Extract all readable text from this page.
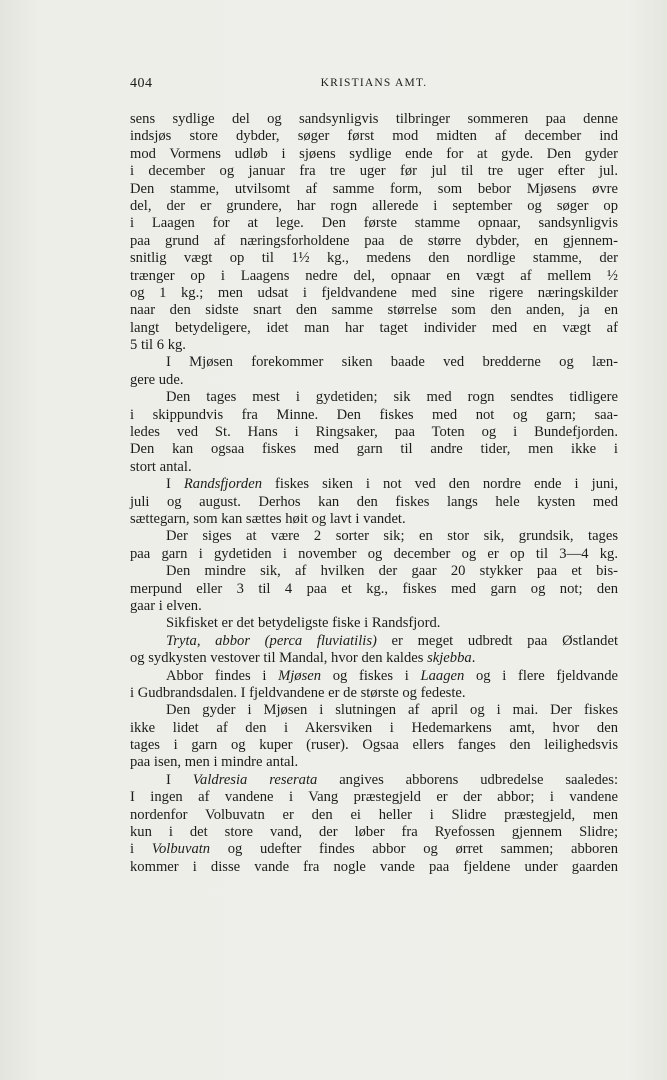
404	KRISTIANS AMT.
sens sydlige del og sandsynligvis tilbringer sommeren paa denne
indsjøs store dybder, søger først mod midten af december ind
mod Vormens udløb i sjøens sydlige ende for at gyde. Den gyder
i december og januar fra tre uger før jul til tre uger efter jul.
Den stamme, utvilsomt af samme form, som bebor Mjøsens øvre
del, der er grundere, har rogn allerede i september og søger op
i Laagen for at lege. Den første stamme opnaar, sandsynligvis
paa grund af næringsforholdene paa de større dybder, en gjennem-
snitlig vægt op til 1½ kg., medens den nordlige stamme, der
trænger op i Laagens nedre del, opnaar en vægt af mellem ½
og 1 kg.; men udsat i fjeldvandene med sine rigere næringskilder
naar den sidste snart den samme størrelse som den anden, ja en
langt betydeligere, idet man har taget individer med en vægt af
5 til 6 kg.
I Mjøsen forekommer siken baade ved bredderne og læn-
gere ude.
Den tages mest i gydetiden; sik med rogn sendtes tidligere
i skippundvis fra Minne. Den fiskes med not og garn; saa-
ledes ved St. Hans i Ringsaker, paa Toten og i Bundefjorden.
Den kan ogsaa fiskes med garn til andre tider, men ikke i
stort antal.
I Randsfjorden fiskes siken i not ved den nordre ende i juni,
juli og august. Derhos kan den fiskes langs hele kysten med
sættegarn, som kan sættes høit og lavt i vandet.
Der siges at være 2 sorter sik; en stor sik, grundsik, tages
paa garn i gydetiden i november og december og er op til 3—4 kg.
Den mindre sik, af hvilken der gaar 20 stykker paa et bis-
merpund eller 3 til 4 paa et kg., fiskes med garn og not; den
gaar i elven.
Sikfisket er det betydeligste fiske i Randsfjord.
Tryta, abbor (perca fluviatilis) er meget udbredt paa Østlandet
og sydkysten vestover til Mandal, hvor den kaldes skjebba.
Abbor findes i Mjøsen og fiskes i Laagen og i flere fjeldvande
i Gudbrandsdalen. I fjeldvandene er de største og fedeste.
Den gyder i Mjøsen i slutningen af april og i mai. Der fiskes
ikke lidet af den i Akersviken i Hedemarkens amt, hvor den
tages i garn og kuper (ruser). Ogsaa ellers fanges den leilighedsvis
paa isen, men i mindre antal.
I Valdresia reserata angives abborens udbredelse saaledes:
I ingen af vandene i Vang præstegjeld er der abbor; i vandene
nordenfor Volbuvatn er den ei heller i Slidre præstegjeld, men
kun i det store vand, der løber fra Ryefossen gjennem Slidre;
i Volbuvatn og udefter findes abbor og ørret sammen; abboren
kommer i disse vande fra nogle vande paa fjeldene under gaarden
